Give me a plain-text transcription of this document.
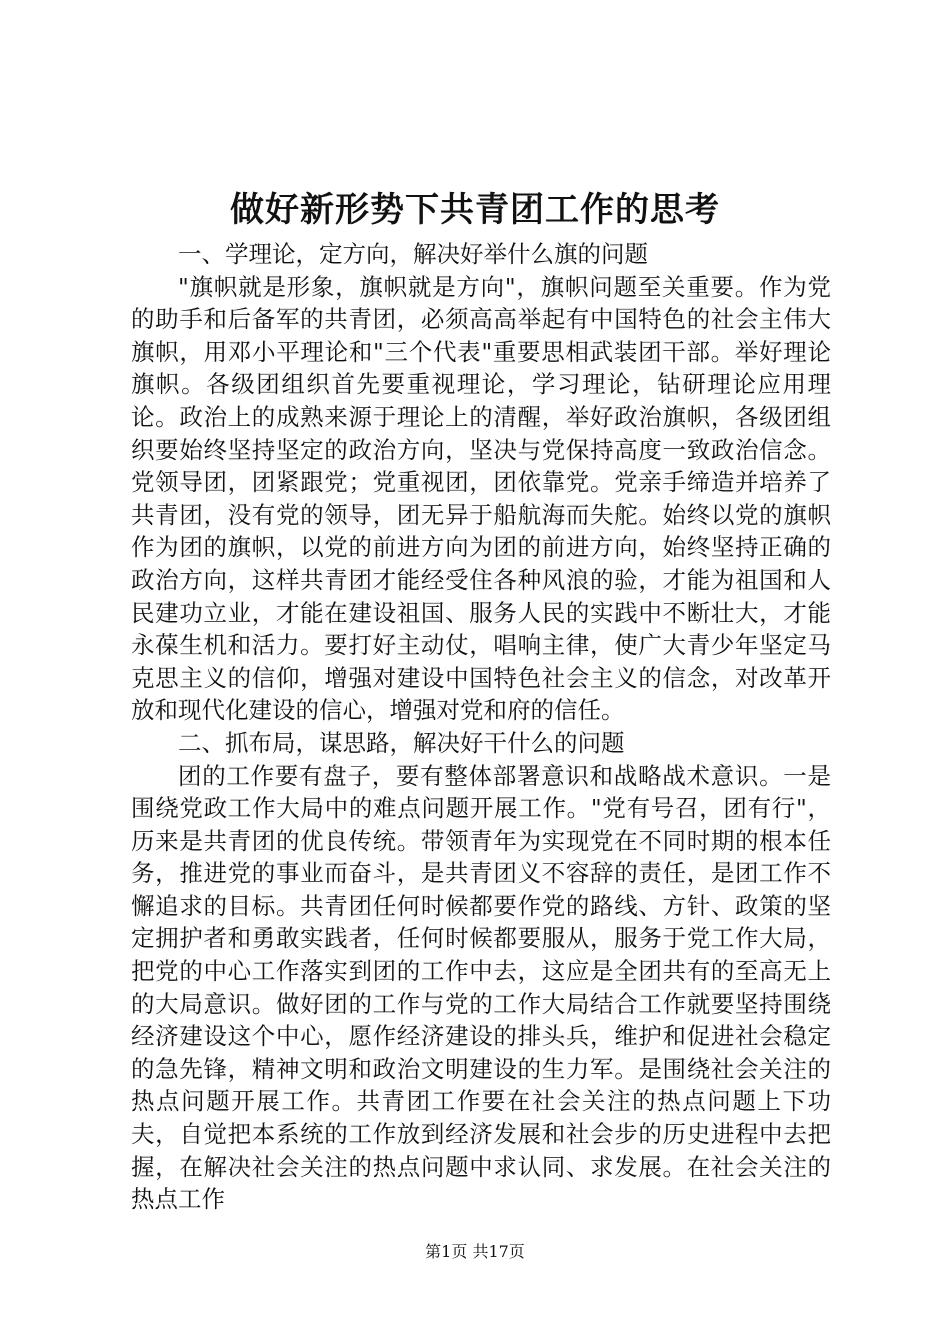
做好新形势下共青团工作的思考

一、学理论，定方向，解决好举什么旗的问题

"旗帜就是形象，旗帜就是方向"，旗帜问题至关重要。作为党的助手和后备军的共青团，必须高高举起有中国特色的社会主伟大旗帜，用邓小平理论和"三个代表"重要思相武装团干部。举好理论旗帜。各级团组织首先要重视理论，学习理论，钻研理论应用理论。政治上的成熟来源于理论上的清醒，举好政治旗帜，各级团组织要始终坚持坚定的政治方向，坚决与党保持高度一致政治信念。党领导团，团紧跟党；党重视团，团依靠党。党亲手缔造并培养了共青团，没有党的领导，团无异于船航海而失舵。始终以党的旗帜作为团的旗帜，以党的前进方向为团的前进方向，始终坚持正确的政治方向，这样共青团才能经受住各种风浪的验，才能为祖国和人民建功立业，才能在建设祖国、服务人民的实践中不断壮大，才能永葆生机和活力。要打好主动仗，唱响主律，使广大青少年坚定马克思主义的信仰，增强对建设中国特色社会主义的信念，对改革开放和现代化建设的信心，增强对党和府的信任。

二、抓布局，谋思路，解决好干什么的问题

团的工作要有盘子，要有整体部署意识和战略战术意识。一是围绕党政工作大局中的难点问题开展工作。"党有号召，团有行"，历来是共青团的优良传统。带领青年为实现党在不同时期的根本任务，推进党的事业而奋斗，是共青团义不容辞的责任，是团工作不懈追求的目标。共青团任何时候都要作党的路线、方针、政策的坚定拥护者和勇敢实践者，任何时候都要服从，服务于党工作大局，把党的中心工作落实到团的工作中去，这应是全团共有的至高无上的大局意识。做好团的工作与党的工作大局结合工作就要坚持围绕经济建设这个中心，愿作经济建设的排头兵，维护和促进社会稳定的急先锋，精神文明和政治文明建设的生力军。是围绕社会关注的热点问题开展工作。共青团工作要在社会关注的热点问题上下功夫，自觉把本系统的工作放到经济发展和社会步的历史进程中去把握，在解决社会关注的热点问题中求认同、求发展。在社会关注的热点工作

第1页 共17页
